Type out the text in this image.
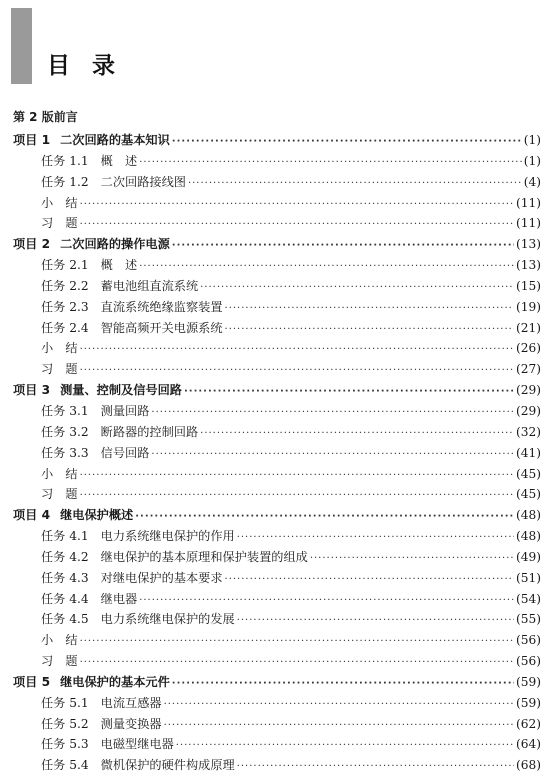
目录
第 2 版前言
项目 1 二次回路的基本知识 ·····	(1)
任务 1.1 概　述 ·····	(1)
任务 1.2 二次回路接线图 ·····	(4)
小　结 ·····	(11)
习　题 ·····	(11)
项目 2 二次回路的操作电源 ·····	(13)
任务 2.1 概　述 ·····	(13)
任务 2.2 蓄电池组直流系统 ·····	(15)
任务 2.3 直流系统绝缘监察装置 ·····	(19)
任务 2.4 智能高频开关电源系统 ·····	(21)
小　结 ·····	(26)
习　题 ·····	(27)
项目 3 测量、控制及信号回路 ·····	(29)
任务 3.1 测量回路 ·····	(29)
任务 3.2 断路器的控制回路 ·····	(32)
任务 3.3 信号回路 ·····	(41)
小　结 ·····	(45)
习　题 ·····	(45)
项目 4 继电保护概述 ·····	(48)
任务 4.1 电力系统继电保护的作用 ·····	(48)
任务 4.2 继电保护的基本原理和保护装置的组成 ·····	(49)
任务 4.3 对继电保护的基本要求 ·····	(51)
任务 4.4 继电器 ·····	(54)
任务 4.5 电力系统继电保护的发展 ·····	(55)
小　结 ·····	(56)
习　题 ·····	(56)
项目 5 继电保护的基本元件 ·····	(59)
任务 5.1 电流互感器 ·····	(59)
任务 5.2 测量变换器 ·····	(62)
任务 5.3 电磁型继电器 ·····	(64)
任务 5.4 微机保护的硬件构成原理 ·····	(68)
